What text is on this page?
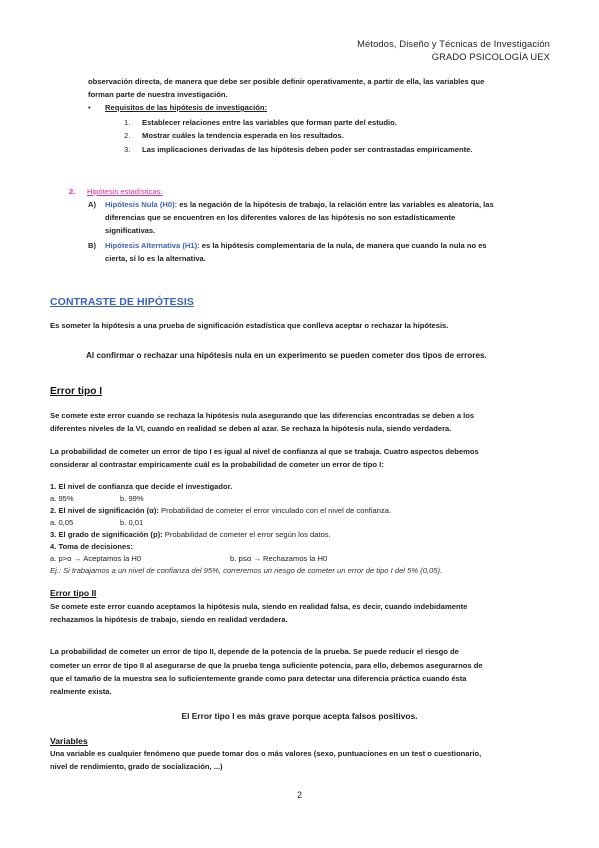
Métodos, Diseño y Técnicas de Investigación
GRADO PSICOLOGÍA UEX
observación directa, de manera que debe ser posible definir operativamente, a partir de ella, las variables que
forman parte de nuestra investigación.
• Requisitos de las hipótesis de investigación:
1. Establecer relaciones entre las variables que forman parte del estudio.
2. Mostrar cuáles la tendencia esperada en los resultados.
3. Las implicaciones derivadas de las hipótesis deben poder ser contrastadas empíricamente.
2. Hipótesis estadísticas:
A) Hipótesis Nula (H0): es la negación de la hipótesis de trabajo, la relación entre las variables es aleatoria, las
diferencias que se encuentren en los diferentes valores de las hipótesis no son estadísticamente
significativas.
B) Hipótesis Alternativa (H1): es la hipótesis complementaria de la nula, de manera que cuando la nula no es
cierta, sí lo es la alternativa.
CONTRASTE DE HIPÓTESIS
Es someter la hipótesis a una prueba de significación estadística que conlleva aceptar o rechazar la hipótesis.
Al confirmar o rechazar una hipótesis nula en un experimento se pueden cometer dos tipos de errores.
Error tipo I
Se comete este error cuando se rechaza la hipótesis nula asegurando que las diferencias encontradas se deben a los
diferentes niveles de la VI, cuando en realidad se deben al azar. Se rechaza la hipótesis nula, siendo verdadera.
La probabilidad de cometer un error de tipo I es igual al nivel de confianza al que se trabaja. Cuatro aspectos debemos
considerar al contrastar empíricamente cuál es la probabilidad de cometer un error de tipo I:
1. El nivel de confianza que decide el investigador.
a. 95%	b. 99%
2. El nivel de significación (α): Probabilidad de cometer el error vinculado con el nivel de confianza.
a. 0,05	b. 0,01
3. El grado de significación (p): Probabilidad de cometer el error según los datos.
4. Toma de decisiones:
a. p>α → Aceptamos la H0	b. p≤α → Rechazamos la H0
Ej.: Si trabajamos a un nivel de confianza del 95%, correremos un riesgo de cometer un error de tipo I del 5% (0,05).
Error tipo II
Se comete este error cuando aceptamos la hipótesis nula, siendo en realidad falsa, es decir, cuando indebidamente
rechazamos la hipótesis de trabajo, siendo en realidad verdadera.
La probabilidad de cometer un error de tipo II, depende de la potencia de la prueba. Se puede reducir el riesgo de
cometer un error de tipo II al asegurarse de que la prueba tenga suficiente potencia, para ello, debemos asegurarnos de
que el tamaño de la muestra sea lo suficientemente grande como para detectar una diferencia práctica cuando ésta
realmente exista.
El Error tipo I es más grave porque acepta falsos positivos.
Variables
Una variable es cualquier fenómeno que puede tomar dos o más valores (sexo, puntuaciones en un test o cuestionario,
nivel de rendimiento, grado de socialización, ...)
2
